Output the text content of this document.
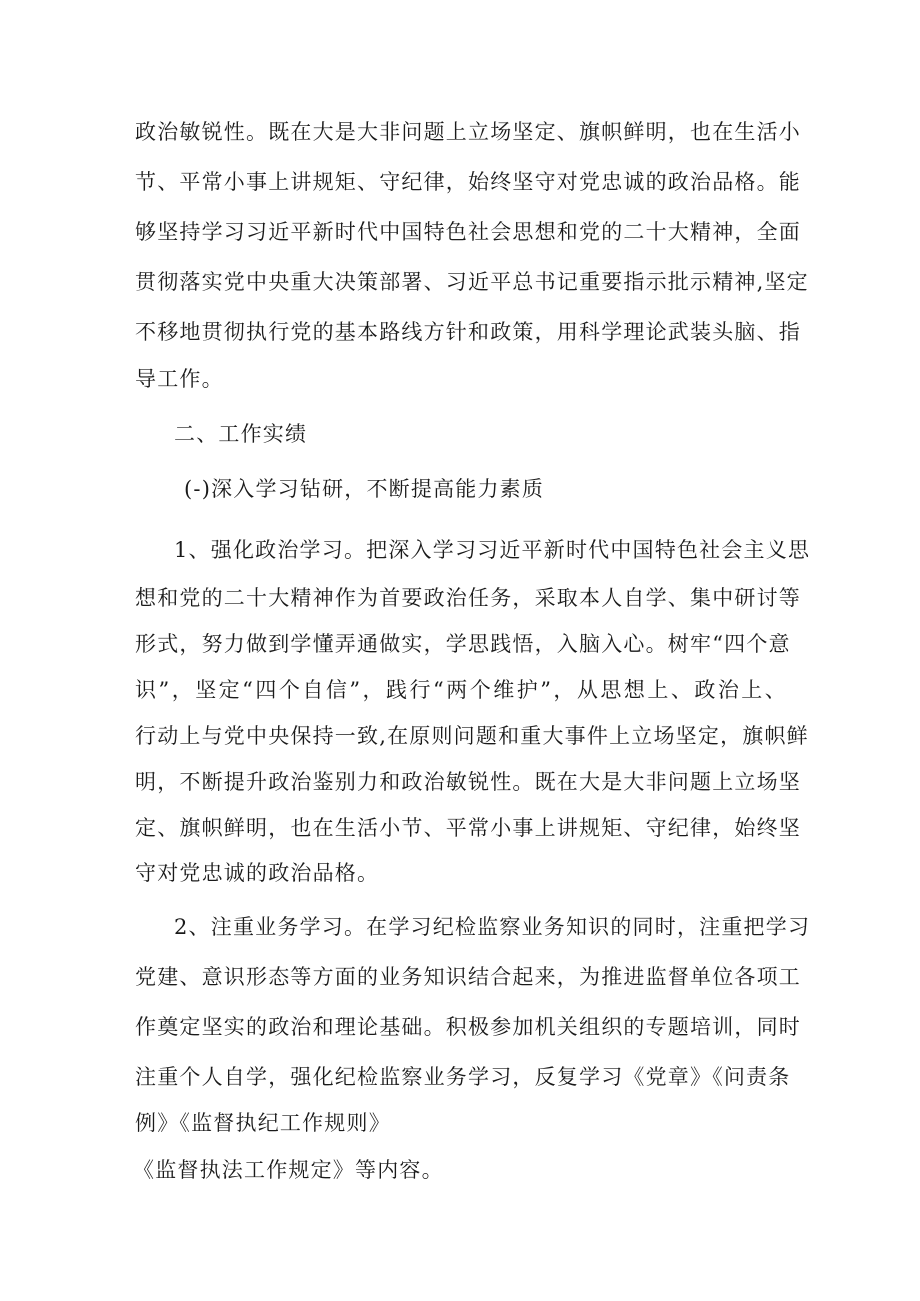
政治敏锐性。既在大是大非问题上立场坚定、旗帜鲜明，也在生活小
节、平常小事上讲规矩、守纪律，始终坚守对党忠诚的政治品格。能
够坚持学习习近平新时代中国特色社会思想和党的二十大精神，全面
贯彻落实党中央重大决策部署、习近平总书记重要指示批示精神,坚定
不移地贯彻执行党的基本路线方针和政策，用科学理论武装头脑、指
导工作。
二、工作实绩
(-)深入学习钻研，不断提高能力素质
1、强化政治学习。把深入学习习近平新时代中国特色社会主义思
想和党的二十大精神作为首要政治任务，采取本人自学、集中研讨等
形式，努力做到学懂弄通做实，学思践悟，入脑入心。树牢“四个意
识”，坚定“四个自信”，践行“两个维护”，从思想上、政治上、
行动上与党中央保持一致,在原则问题和重大事件上立场坚定，旗帜鲜
明，不断提升政治鉴别力和政治敏锐性。既在大是大非问题上立场坚
定、旗帜鲜明，也在生活小节、平常小事上讲规矩、守纪律，始终坚
守对党忠诚的政治品格。
2、注重业务学习。在学习纪检监察业务知识的同时，注重把学习
党建、意识形态等方面的业务知识结合起来，为推进监督单位各项工
作奠定坚实的政治和理论基础。积极参加机关组织的专题培训，同时
注重个人自学，强化纪检监察业务学习，反复学习《党章》《问责条
例》《监督执纪工作规则》
《监督执法工作规定》等内容。
